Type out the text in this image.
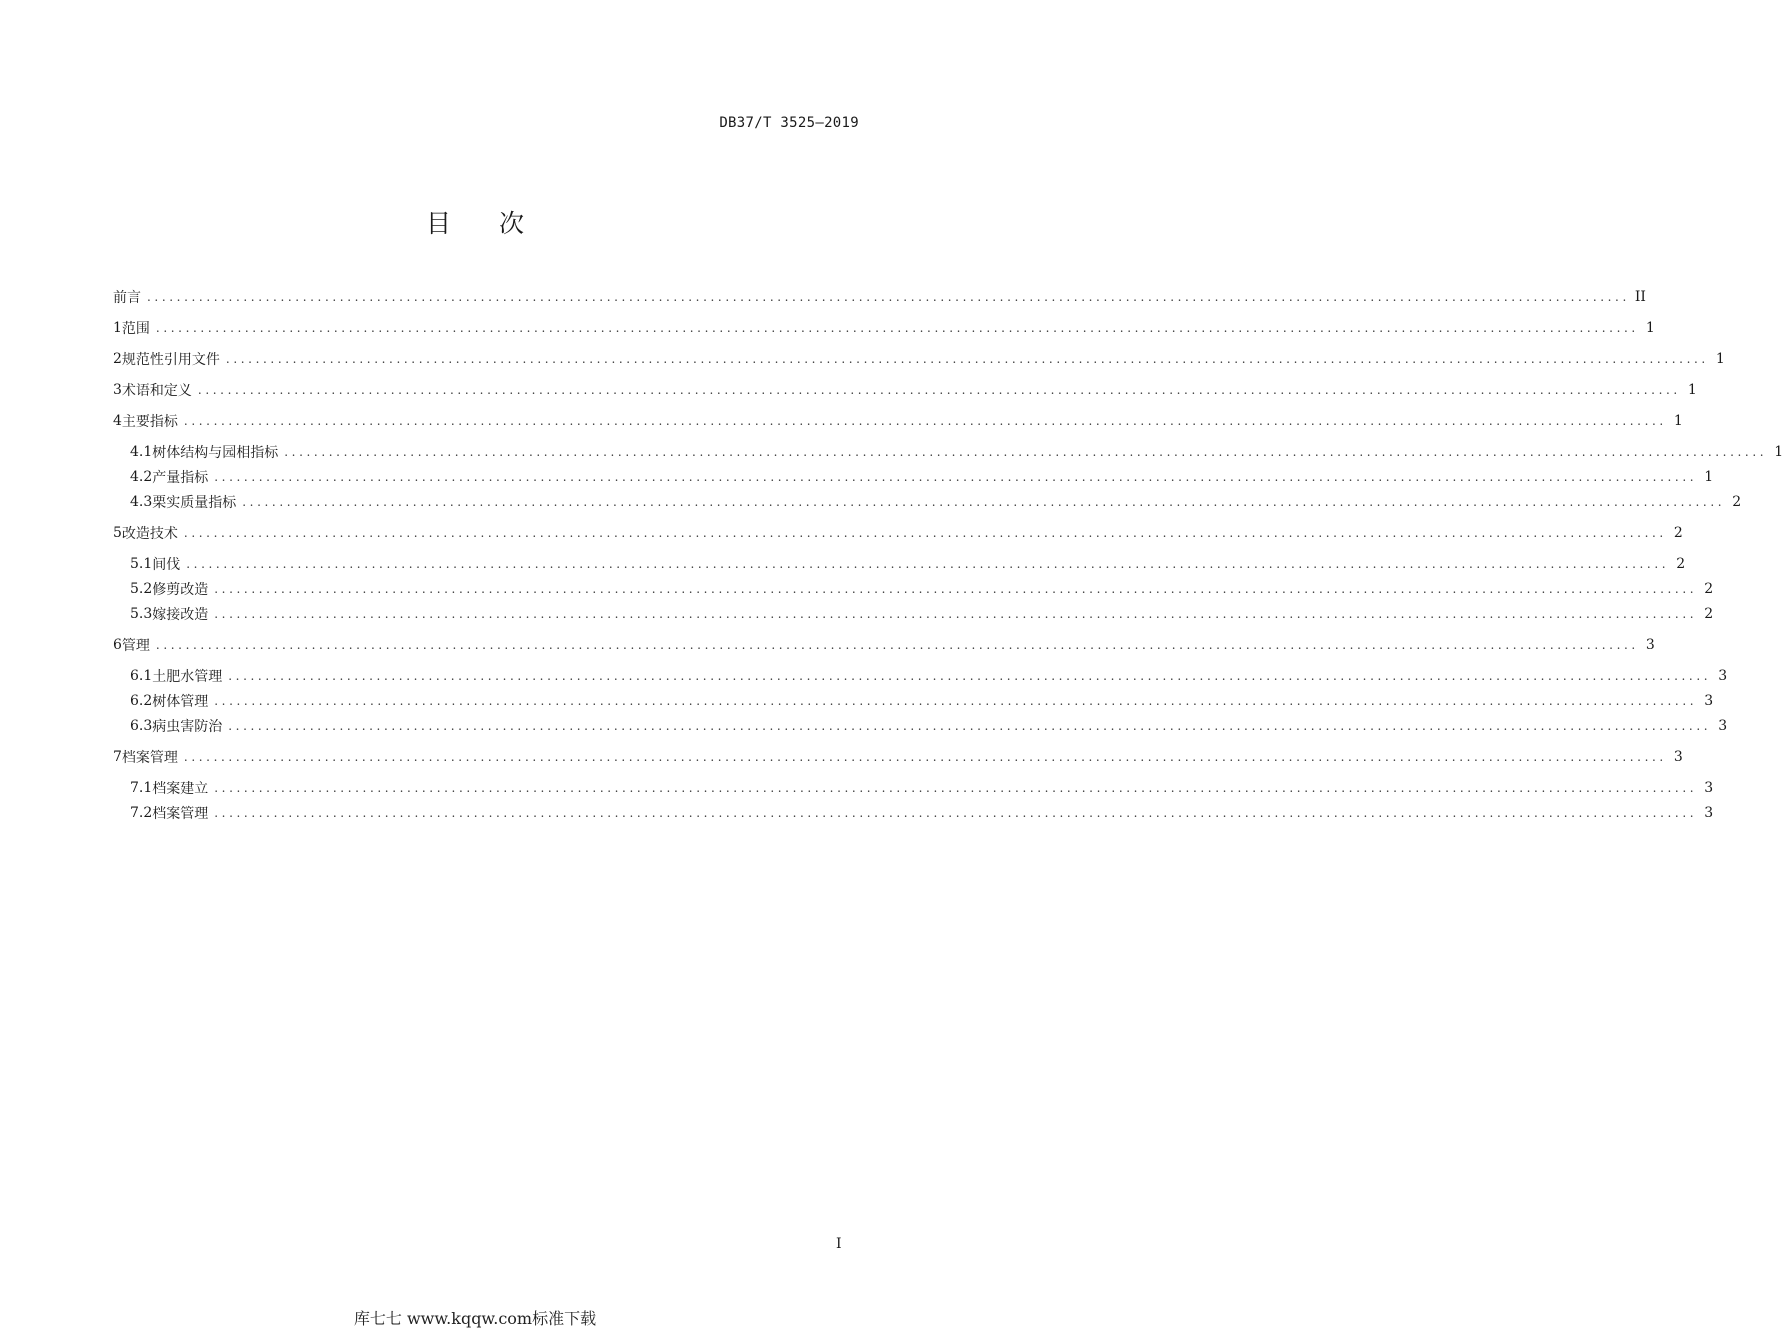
DB37/T 3525—2019
目 次
前言 ........................................................................................................................................................................................................ II
1 范围 ........................................................................................................................................................................................................ 1
2 规范性引用文件 ........................................................................................................................................................................................................ 1
3 术语和定义 ........................................................................................................................................................................................................ 1
4 主要指标 ........................................................................................................................................................................................................ 1
4.1 树体结构与园相指标 ........................................................................................................................................................................................................ 1
4.2 产量指标 ........................................................................................................................................................................................................ 1
4.3 栗实质量指标 ........................................................................................................................................................................................................ 2
5 改造技术 ........................................................................................................................................................................................................ 2
5.1 间伐 ........................................................................................................................................................................................................ 2
5.2 修剪改造 ........................................................................................................................................................................................................ 2
5.3 嫁接改造 ........................................................................................................................................................................................................ 2
6 管理 ........................................................................................................................................................................................................ 3
6.1 土肥水管理 ........................................................................................................................................................................................................ 3
6.2 树体管理 ........................................................................................................................................................................................................ 3
6.3 病虫害防治 ........................................................................................................................................................................................................ 3
7 档案管理 ........................................................................................................................................................................................................ 3
7.1 档案建立 ........................................................................................................................................................................................................ 3
7.2 档案管理 ........................................................................................................................................................................................................ 3
I
库七七 www.kqqw.com标准下载
